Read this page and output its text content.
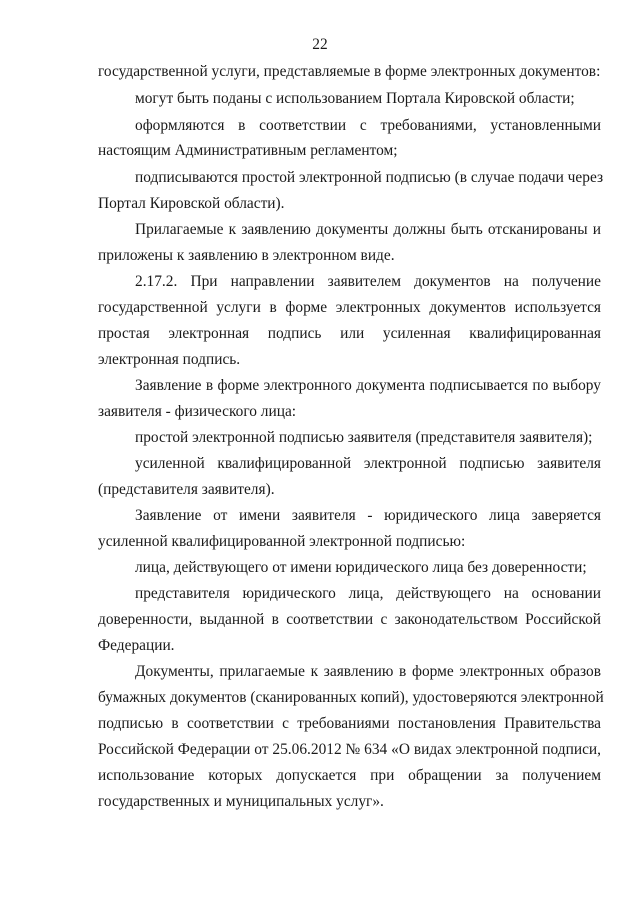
22
государственной услуги, представляемые в форме электронных документов:
могут быть поданы с использованием Портала Кировской области;
оформляются в соответствии с требованиями, установленными
настоящим Административным регламентом;
подписываются простой электронной подписью (в случае подачи через
Портал Кировской области).
Прилагаемые к заявлению документы должны быть отсканированы и
приложены к заявлению в электронном виде.
2.17.2. При направлении заявителем документов на получение
государственной услуги в форме электронных документов используется
простая электронная подпись или усиленная квалифицированная
электронная подпись.
Заявление в форме электронного документа подписывается по выбору
заявителя - физического лица:
простой электронной подписью заявителя (представителя заявителя);
усиленной квалифицированной электронной подписью заявителя
(представителя заявителя).
Заявление от имени заявителя - юридического лица заверяется
усиленной квалифицированной электронной подписью:
лица, действующего от имени юридического лица без доверенности;
представителя юридического лица, действующего на основании
доверенности, выданной в соответствии с законодательством Российской
Федерации.
Документы, прилагаемые к заявлению в форме электронных образов
бумажных документов (сканированных копий), удостоверяются электронной
подписью в соответствии с требованиями постановления Правительства
Российской Федерации от 25.06.2012 № 634 «О видах электронной подписи,
использование которых допускается при обращении за получением
государственных и муниципальных услуг».
